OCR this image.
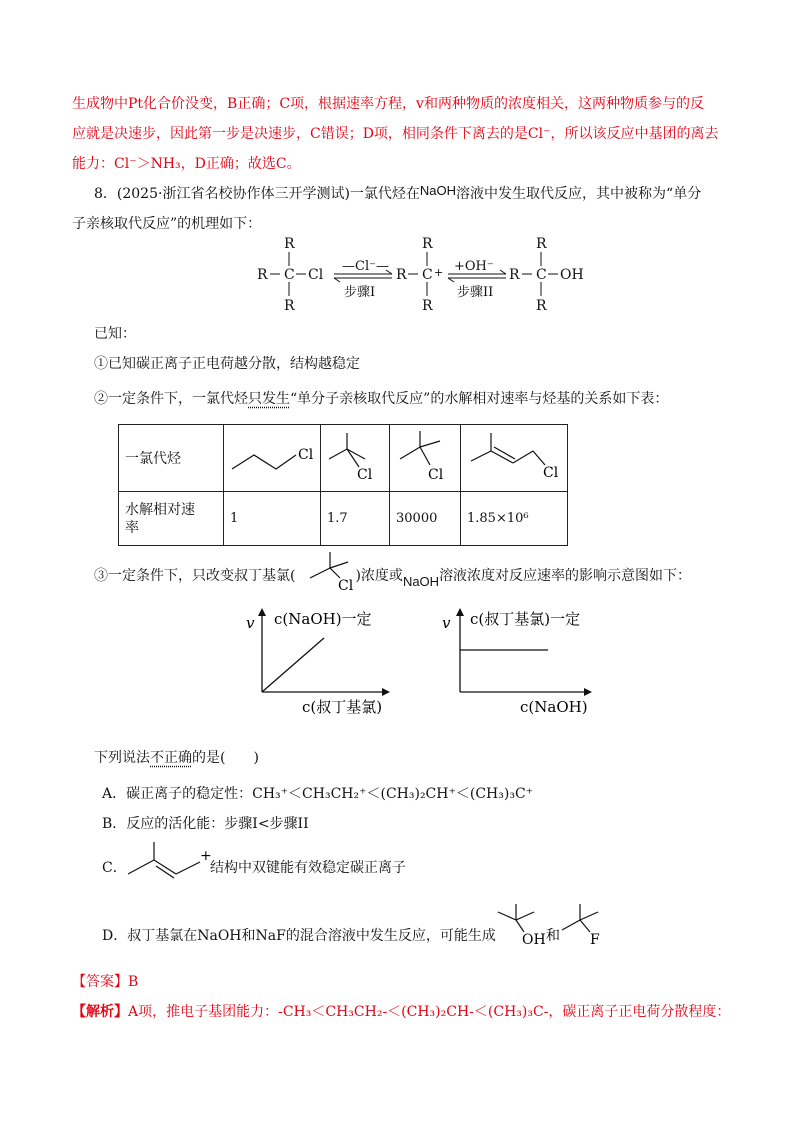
生成物中Pt化合价没变，B正确；C项，根据速率方程，v和两种物质的浓度相关，这两种物质参与的反
应就是决速步，因此第一步是决速步，C错误；D项，相同条件下离去的是Cl⁻，所以该反应中基团的离去
能力：Cl⁻＞NH₃，D正确；故选C。
8．(2025·浙江省名校协作体三开学测试)一氯代烃在NaOH溶液中发生取代反应，其中被称为“单分
子亲核取代反应”的机理如下：
R
R C Cl
R
—Cl⁻—
步骤I
R
R
C +
R
+OH⁻
步骤II
R
R
C OH
R
已知：
①已知碳正离子正电荷越分散，结构越稳定
②一定条件下，一氯代烃只发生“单分子亲核取代反应”的水解相对速率与烃基的关系如下表：
一氯代烃	Cl	Cl	Cl	Cl

水解相对速
率	1	1.7	30000	1.85×10⁶
③一定条件下，只改变叔丁基氯(	)浓度或NaOH溶液浓度对反应速率的影响示意图如下：
Cl
v c(NaOH)一定
c(叔丁基氯)
v c(叔丁基氯)一定
c(NaOH)
下列说法不正确的是(　　)
A．碳正离子的稳定性：CH₃⁺＜CH₃CH₂⁺＜(CH₃)₂CH⁺＜(CH₃)₃C⁺
B．反应的活化能：步骤I<步骤II
C．
+
结构中双键能有效稳定碳正离子
D．叔丁基氯在NaOH和NaF的混合溶液中发生反应，可能生成 OH 和 F
【答案】B
【解析】A项，推电子基团能力：-CH₃＜CH₃CH₂-＜(CH₃)₂CH-＜(CH₃)₃C-，碳正离子正电荷分散程度：
